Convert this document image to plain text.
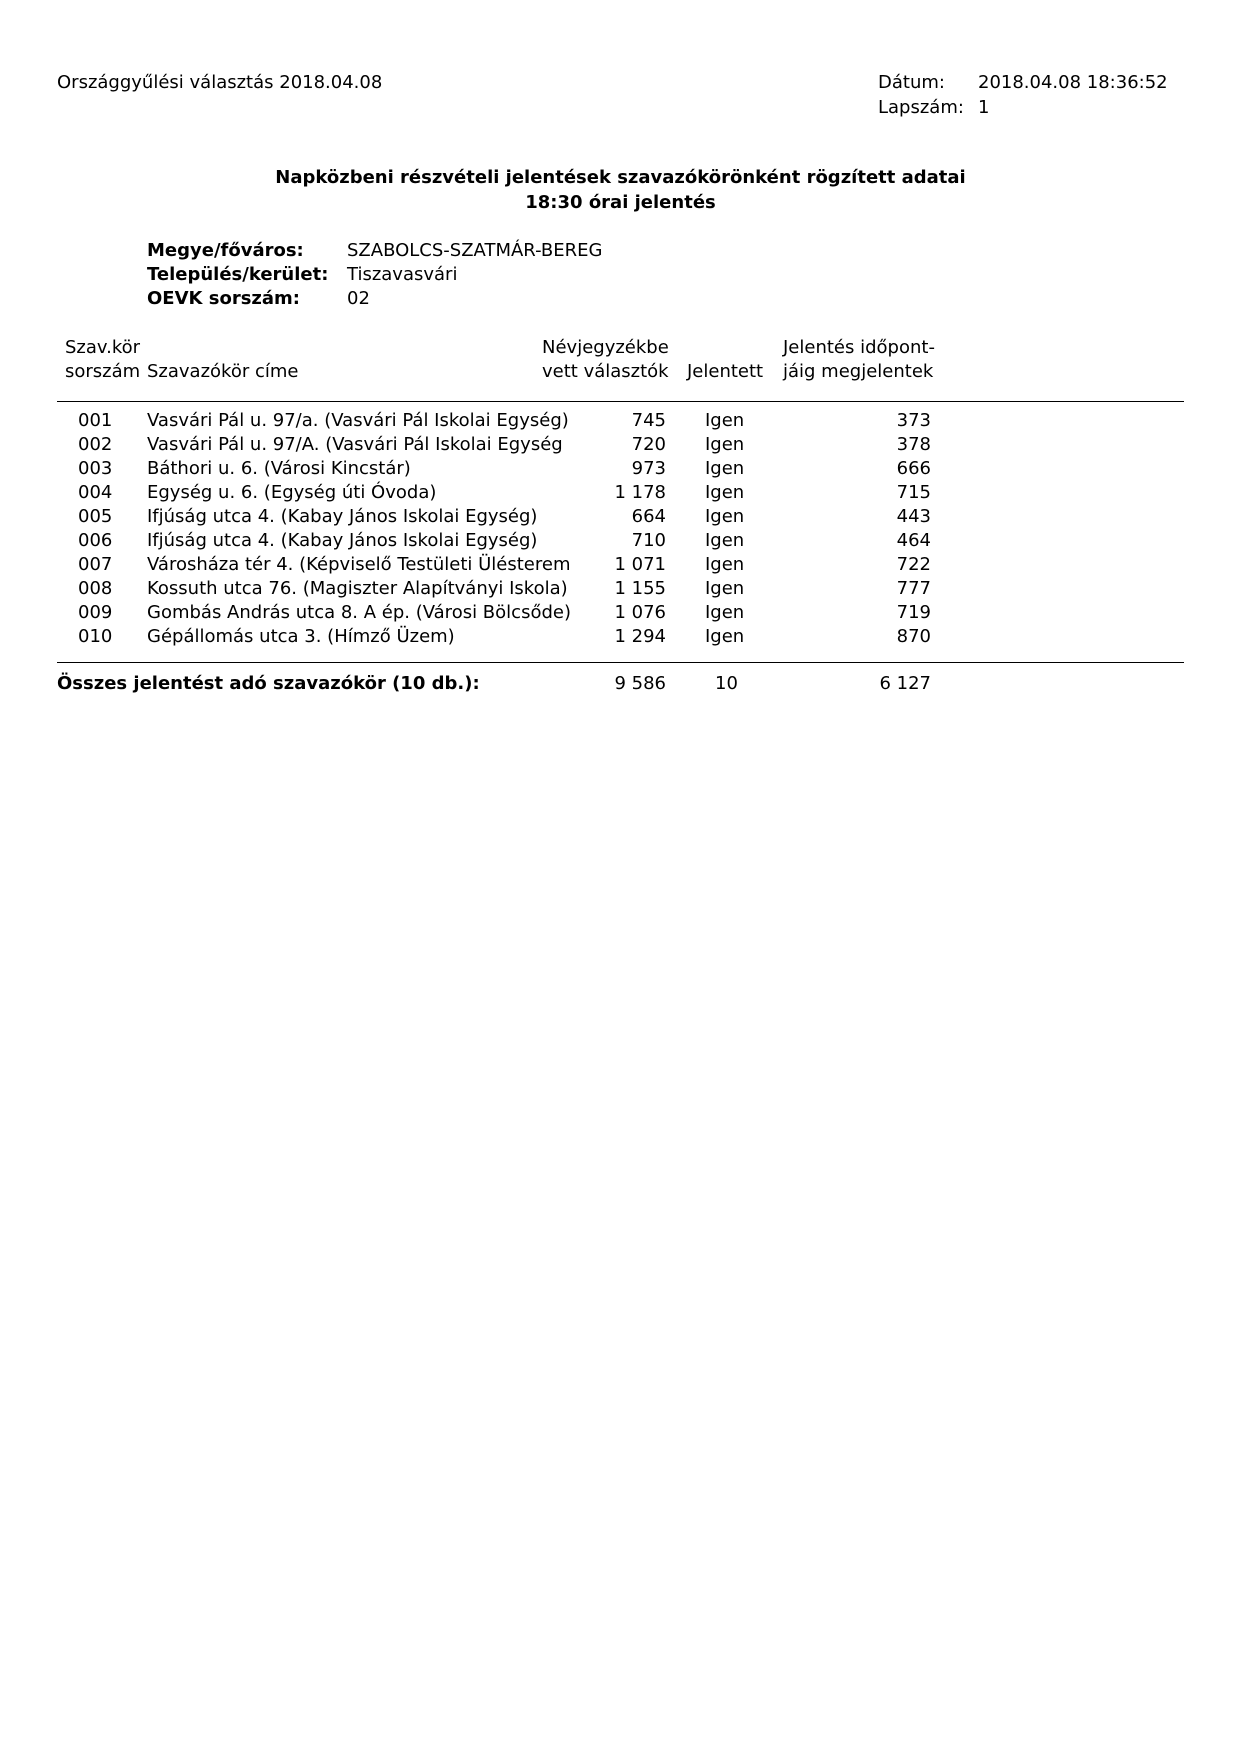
Országgyűlési választás 2018.04.08	Dátum: 2018.04.08 18:36:52
Lapszám: 1
Napközbeni részvételi jelentések szavazókörönként rögzített adatai
18:30 órai jelentés
Megye/főváros: SZABOLCS-SZATMÁR-BEREG
Település/kerület: Tiszavasvári
OEVK sorszám:	02
Szav.kör
sorszám Szavazókör címe
Névjegyzékbe
vett választók Jelentett
Jelentés időpont-
jáig megjelentek
001 Vasvári Pál u. 97/a. (Vasvári Pál Iskolai Egység)	745 Igen	373
002 Vasvári Pál u. 97/A. (Vasvári Pál Iskolai Egység	720 Igen	378
003 Báthori u. 6. (Városi Kincstár)	973 Igen	666
004 Egység u. 6. (Egység úti Óvoda)	1 178 Igen	715
005 Ifjúság utca 4. (Kabay János Iskolai Egység)	664 Igen	443
006 Ifjúság utca 4. (Kabay János Iskolai Egység)	710 Igen	464
007 Városháza tér 4. (Képviselő Testületi Ülésterem	1 071 Igen	722
008 Kossuth utca 76. (Magiszter Alapítványi Iskola)	1 155 Igen	777
009 Gombás András utca 8. A ép. (Városi Bölcsőde)	1 076 Igen	719
010 Gépállomás utca 3. (Hímző Üzem)	1 294 Igen	870
Összes jelentést adó szavazókör (10 db.):	9 586	10	6 127
